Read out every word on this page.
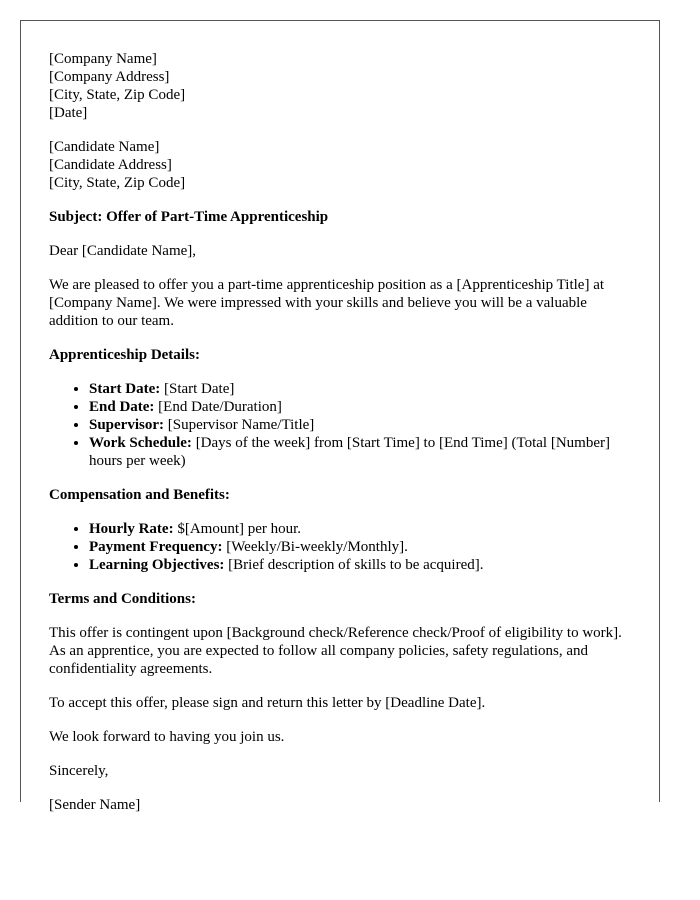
[Company Name]
[Company Address]
[City, State, Zip Code]
[Date]
[Candidate Name]
[Candidate Address]
[City, State, Zip Code]
Subject: Offer of Part-Time Apprenticeship
Dear [Candidate Name],
We are pleased to offer you a part-time apprenticeship position as a [Apprenticeship Title] at [Company Name]. We were impressed with your skills and believe you will be a valuable addition to our team.
Apprenticeship Details:
• Start Date: [Start Date]
• End Date: [End Date/Duration]
• Supervisor: [Supervisor Name/Title]
• Work Schedule: [Days of the week] from [Start Time] to [End Time] (Total [Number] hours per week)
Compensation and Benefits:
• Hourly Rate: $[Amount] per hour.
• Payment Frequency: [Weekly/Bi-weekly/Monthly].
• Learning Objectives: [Brief description of skills to be acquired].
Terms and Conditions:
This offer is contingent upon [Background check/Reference check/Proof of eligibility to work]. As an apprentice, you are expected to follow all company policies, safety regulations, and confidentiality agreements.
To accept this offer, please sign and return this letter by [Deadline Date].
We look forward to having you join us.
Sincerely,
[Sender Name]
